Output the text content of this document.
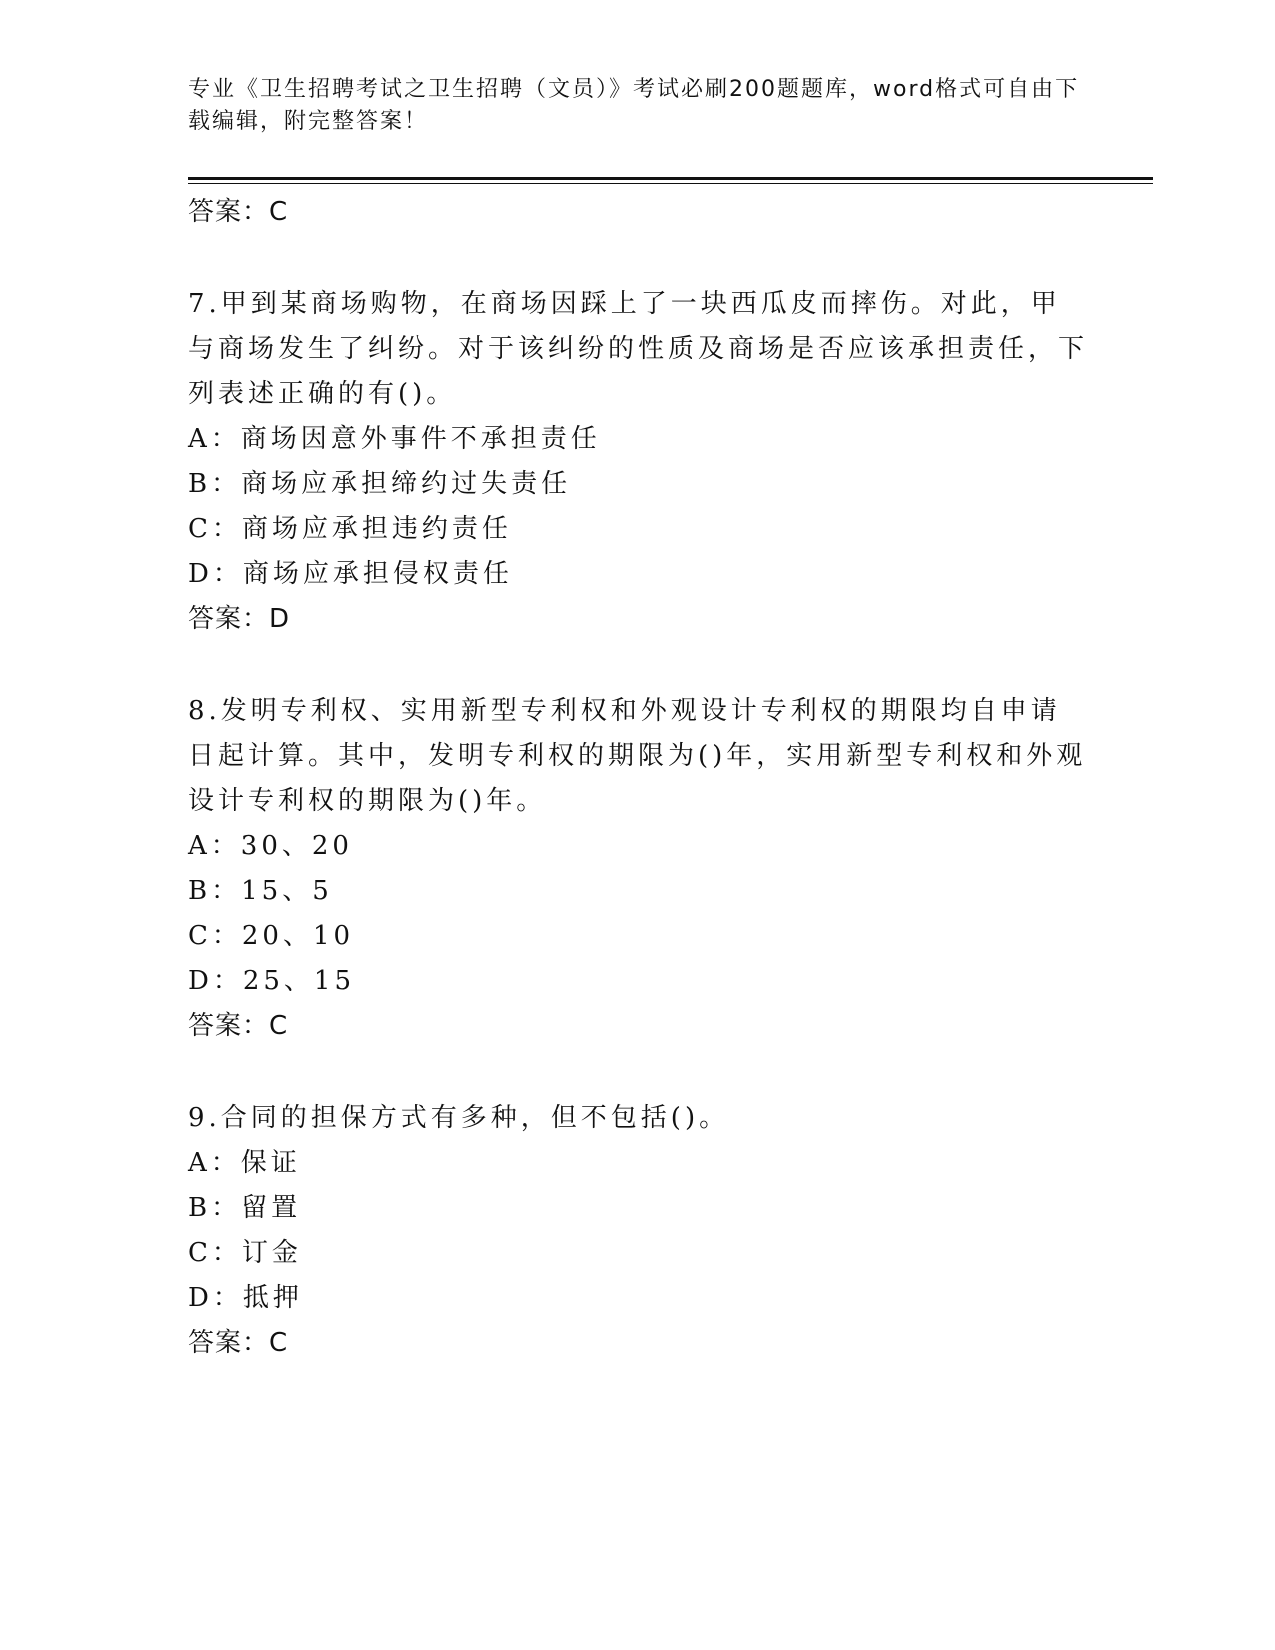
专业《卫生招聘考试之卫生招聘（文员）》考试必刷200题题库，word格式可自由下载编辑，附完整答案！
答案：C
7.甲到某商场购物，在商场因踩上了一块西瓜皮而摔伤。对此，甲与商场发生了纠纷。对于该纠纷的性质及商场是否应该承担责任，下列表述正确的有()。
A：商场因意外事件不承担责任
B：商场应承担缔约过失责任
C：商场应承担违约责任
D：商场应承担侵权责任
答案：D
8.发明专利权、实用新型专利权和外观设计专利权的期限均自申请日起计算。其中，发明专利权的期限为()年，实用新型专利权和外观设计专利权的期限为()年。
A：30、20
B：15、5
C：20、10
D：25、15
答案：C
9.合同的担保方式有多种，但不包括()。
A：保证
B：留置
C：订金
D：抵押
答案：C
